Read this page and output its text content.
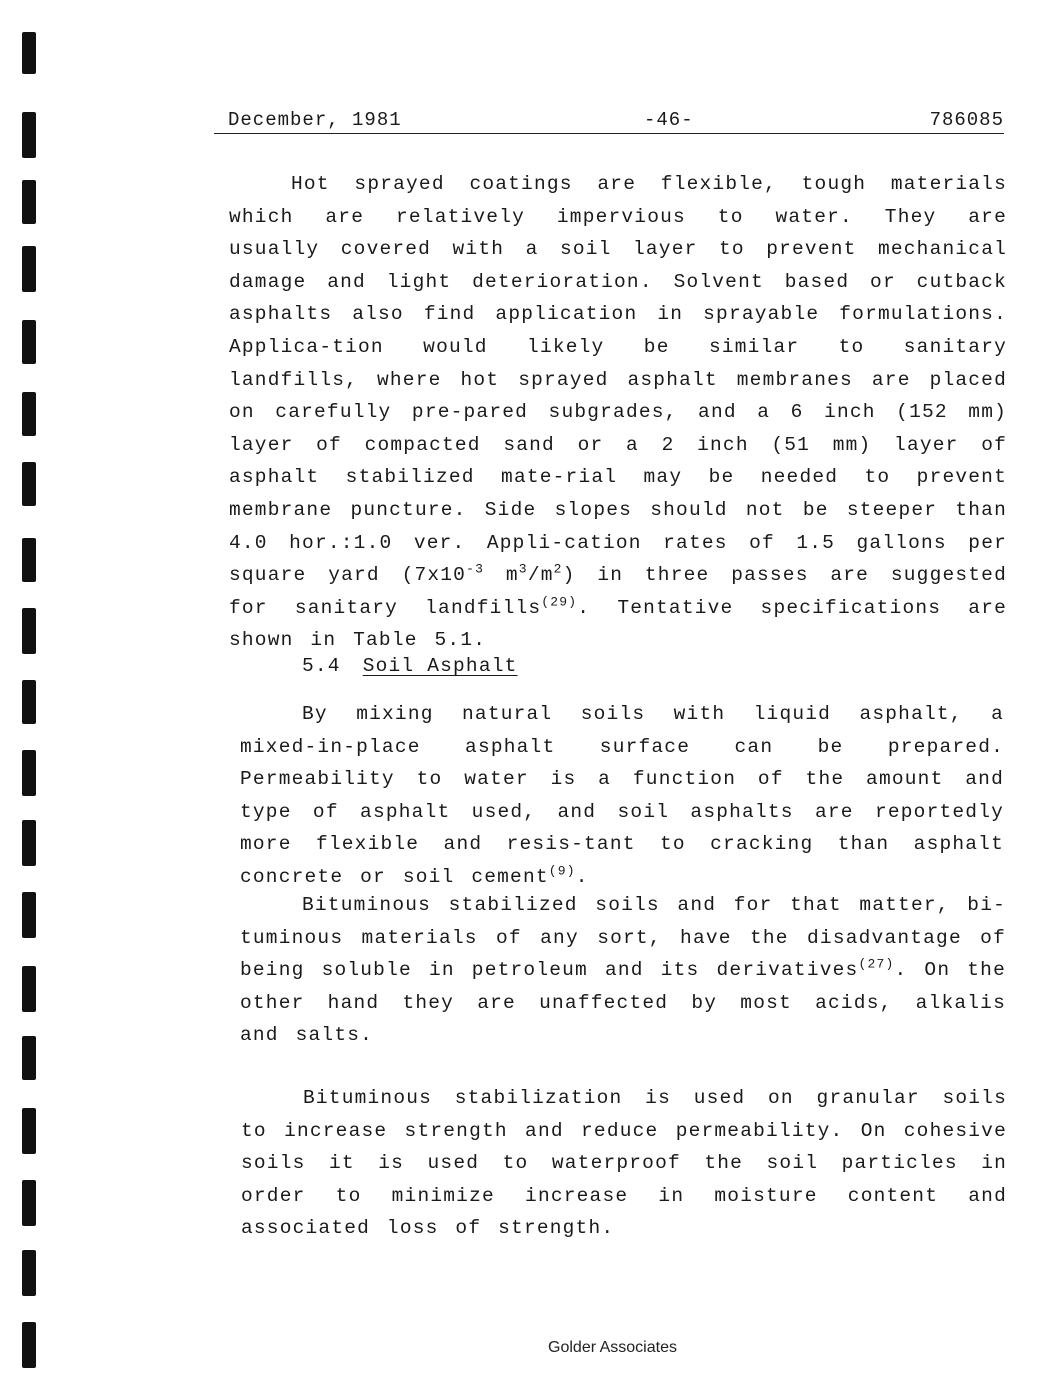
December, 1981	-46-	786085
Hot sprayed coatings are flexible, tough materials which are relatively impervious to water. They are usually covered with a soil layer to prevent mechanical damage and light deterioration. Solvent based or cutback asphalts also find application in sprayable formulations. Applica-tion would likely be similar to sanitary landfills, where hot sprayed asphalt membranes are placed on carefully pre-pared subgrades, and a 6 inch (152 mm) layer of compacted sand or a 2 inch (51 mm) layer of asphalt stabilized mate-rial may be needed to prevent membrane puncture. Side slopes should not be steeper than 4.0 hor.:1.0 ver. Appli-cation rates of 1.5 gallons per square yard ($7x10^{-3}$ $m^3/m^2$) in three passes are suggested for sanitary landfills$^{(29)}$. Tentative specifications are shown in Table 5.1.
5.4 Soil Asphalt
By mixing natural soils with liquid asphalt, a mixed-in-place asphalt surface can be prepared. Permeability to water is a function of the amount and type of asphalt used, and soil asphalts are reportedly more flexible and resis-tant to cracking than asphalt concrete or soil cement$^{(9)}$.
Bituminous stabilized soils and for that matter, bi-tuminous materials of any sort, have the disadvantage of being soluble in petroleum and its derivatives$^{(27)}$. On the other hand they are unaffected by most acids, alkalis and salts.
Bituminous stabilization is used on granular soils to increase strength and reduce permeability. On cohesive soils it is used to waterproof the soil particles in order to minimize increase in moisture content and associated loss of strength.
Golder Associates
